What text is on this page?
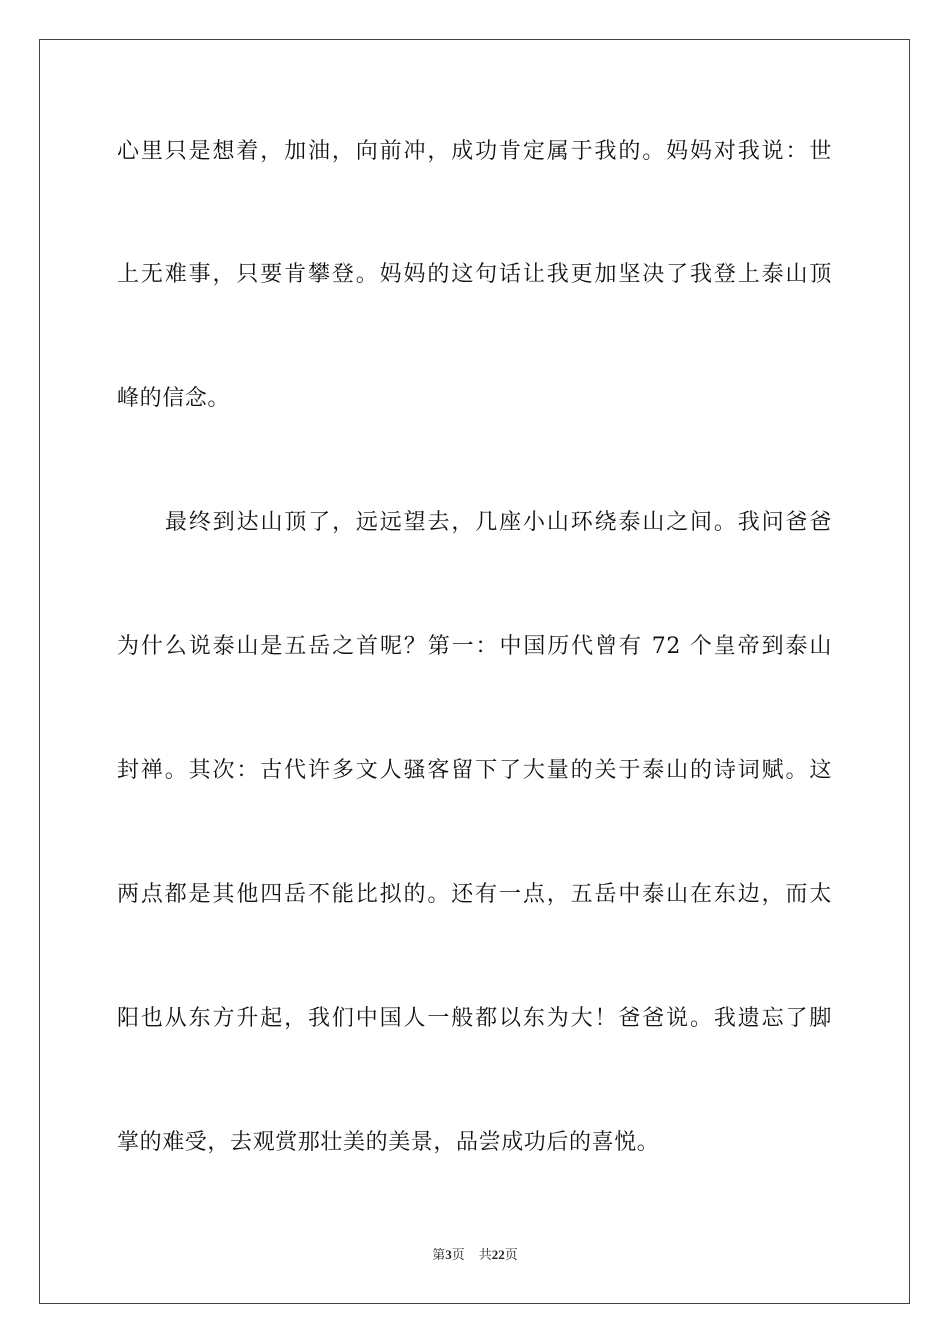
心里只是想着，加油，向前冲，成功肯定属于我的。妈妈对我说：世
上无难事，只要肯攀登。妈妈的这句话让我更加坚决了我登上泰山顶
峰的信念。
最终到达山顶了，远远望去，几座小山环绕泰山之间。我问爸爸
为什么说泰山是五岳之首呢？第一：中国历代曾有 72 个皇帝到泰山
封禅。其次：古代许多文人骚客留下了大量的关于泰山的诗词赋。这
两点都是其他四岳不能比拟的。还有一点，五岳中泰山在东边，而太
阳也从东方升起，我们中国人一般都以东为大！爸爸说。我遗忘了脚
掌的难受，去观赏那壮美的美景，品尝成功后的喜悦。
第3页 共22页
